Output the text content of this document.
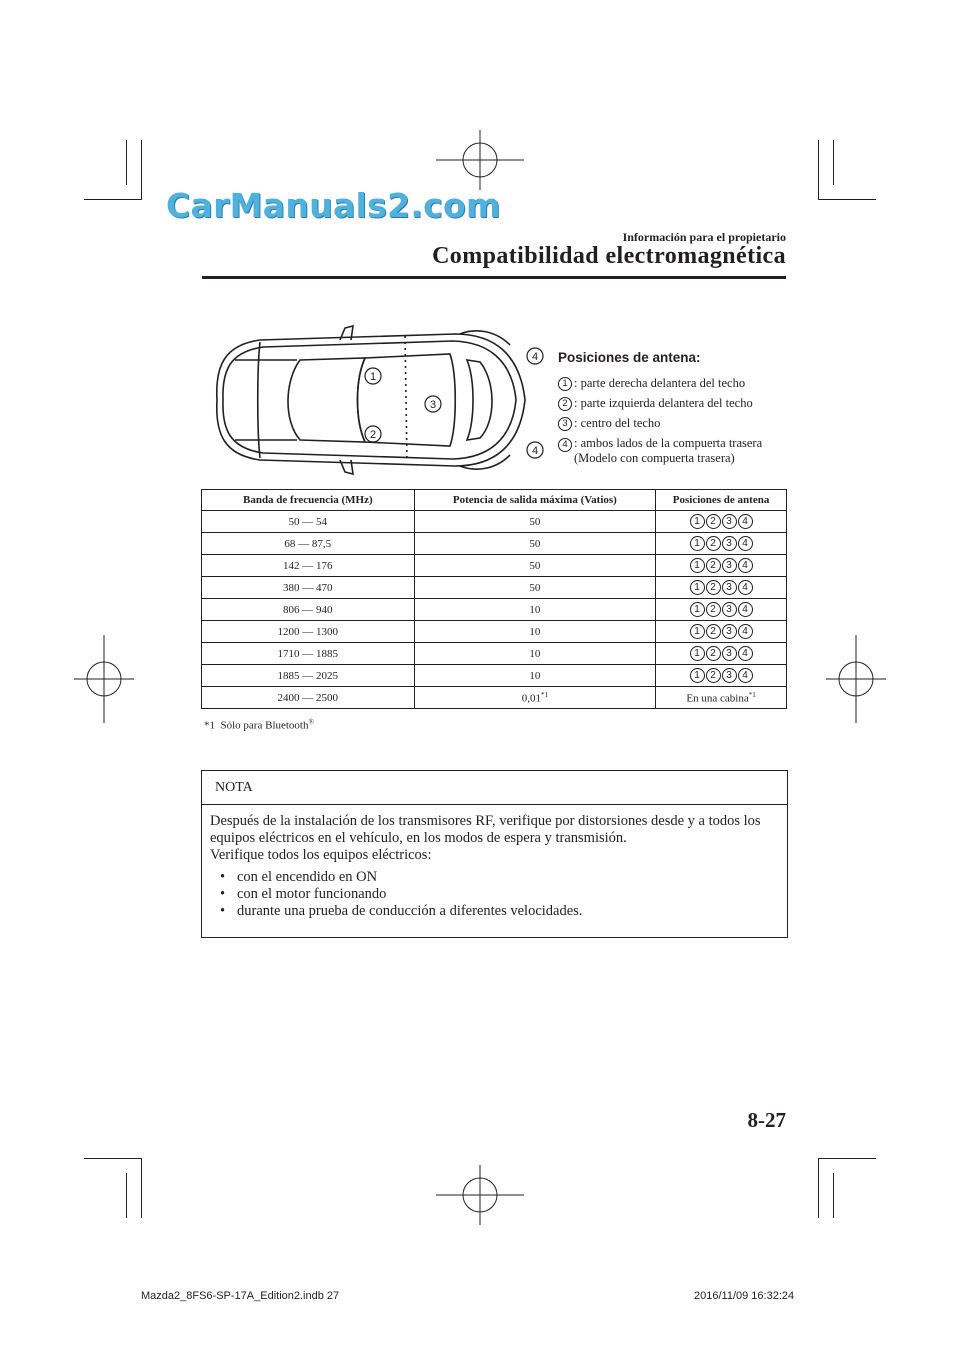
CarManuals2.com
Información para el propietario
Compatibilidad electromagnética
1
2
3
4
4
Posiciones de antena:
1 : parte derecha delantera del techo
2 : parte izquierda delantera del techo
3 : centro del techo
4 : ambos lados de la compuerta trasera (Modelo con compuerta trasera)
Banda de frecuencia (MHz)	Potencia de salida máxima (Vatios)	Posiciones de antena
50 — 54	50	1 2 3 4

68 — 87,5	50	1 2 3 4

142 — 176	50	1 2 3 4

380 — 470	50	1 2 3 4

806 — 940	10	1 2 3 4

1200 — 1300	10	1 2 3 4

1710 — 1885	10	1 2 3 4

1885 — 2025	10	1 2 3 4

2400 — 2500	0,01$^{*1}$	En una cabina$^{*1}$
*1 Sólo para Bluetooth®
NOTA

Después de la instalación de los transmisores RF, verifique por distorsiones desde y a todos los equipos eléctricos en el vehículo, en los modos de espera y transmisión.

Verifique todos los equipos eléctricos:

• con el encendido en ON
• con el motor funcionando
• durante una prueba de conducción a diferentes velocidades.
8-27
Mazda2_8FS6-SP-17A_Edition2.indb 27	2016/11/09 16:32:24
